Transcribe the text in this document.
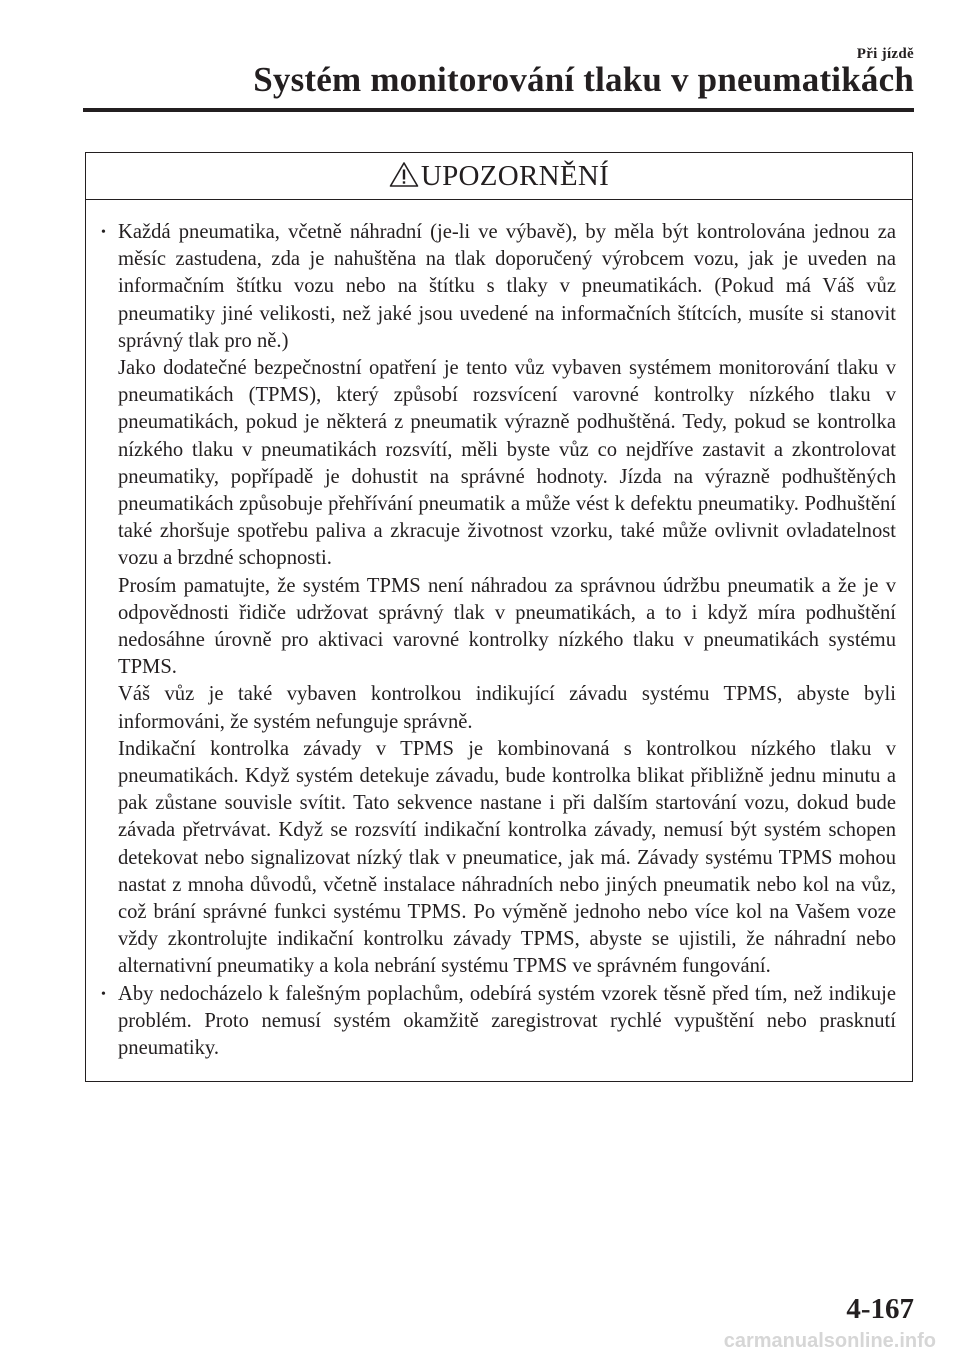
Při jízdě
Systém monitorování tlaku v pneumatikách
UPOZORNĚNÍ
• Každá pneumatika, včetně náhradní (je-li ve výbavě), by měla být kontrolována jednou za měsíc zastudena, zda je nahuštěna na tlak doporučený výrobcem vozu, jak je uveden na informačním štítku vozu nebo na štítku s tlaky v pneumatikách. (Pokud má Váš vůz pneumatiky jiné velikosti, než jaké jsou uvedené na informačních štítcích, musíte si stanovit správný tlak pro ně.)

Jako dodatečné bezpečnostní opatření je tento vůz vybaven systémem monitorování tlaku v pneumatikách (TPMS), který způsobí rozsvícení varovné kontrolky nízkého tlaku v pneumatikách, pokud je některá z pneumatik výrazně podhuštěná. Tedy, pokud se kontrolka nízkého tlaku v pneumatikách rozsvítí, měli byste vůz co nejdříve zastavit a zkontrolovat pneumatiky, popřípadě je dohustit na správné hodnoty. Jízda na výrazně podhuštěných pneumatikách způsobuje přehřívání pneumatik a může vést k defektu pneumatiky. Podhuštění také zhoršuje spotřebu paliva a zkracuje životnost vzorku, také může ovlivnit ovladatelnost vozu a brzdné schopnosti.

Prosím pamatujte, že systém TPMS není náhradou za správnou údržbu pneumatik a že je v odpovědnosti řidiče udržovat správný tlak v pneumatikách, a to i když míra podhuštění nedosáhne úrovně pro aktivaci varovné kontrolky nízkého tlaku v pneumatikách systému TPMS.

Váš vůz je také vybaven kontrolkou indikující závadu systému TPMS, abyste byli informováni, že systém nefunguje správně.

Indikační kontrolka závady v TPMS je kombinovaná s kontrolkou nízkého tlaku v pneumatikách. Když systém detekuje závadu, bude kontrolka blikat přibližně jednu minutu a pak zůstane souvisle svítit. Tato sekvence nastane i při dalším startování vozu, dokud bude závada přetrvávat. Když se rozsvítí indikační kontrolka závady, nemusí být systém schopen detekovat nebo signalizovat nízký tlak v pneumatice, jak má. Závady systému TPMS mohou nastat z mnoha důvodů, včetně instalace náhradních nebo jiných pneumatik nebo kol na vůz, což brání správné funkci systému TPMS. Po výměně jednoho nebo více kol na Vašem voze vždy zkontrolujte indikační kontrolku závady TPMS, abyste se ujistili, že náhradní nebo alternativní pneumatiky a kola nebrání systému TPMS ve správném fungování.

• Aby nedocházelo k falešným poplachům, odebírá systém vzorek těsně před tím, než indikuje problém. Proto nemusí systém okamžitě zaregistrovat rychlé vypuštění nebo prasknutí pneumatiky.

4-167
carmanualsonline.info
